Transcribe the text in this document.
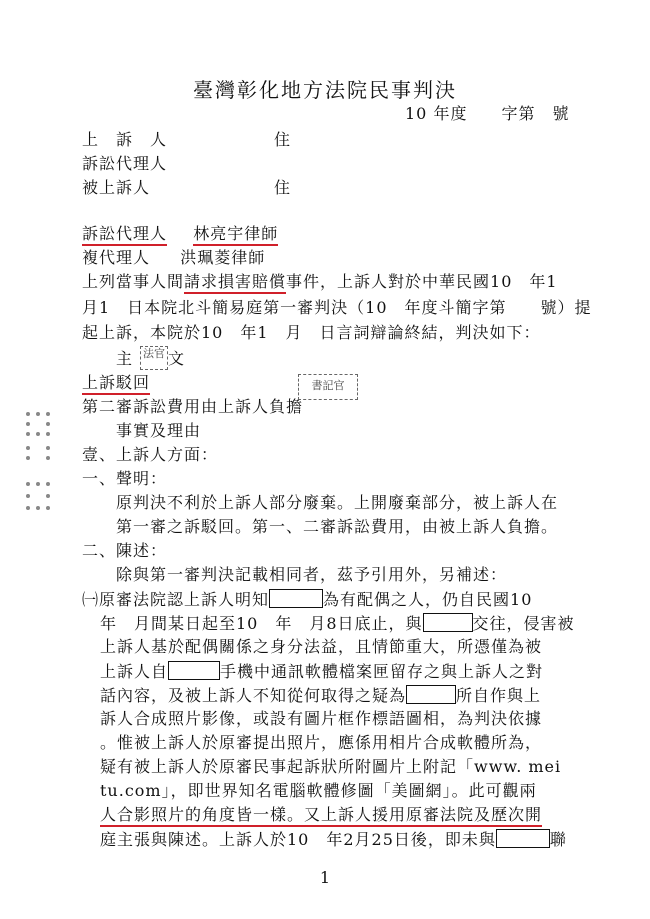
臺灣彰化地方法院民事判決
10 年度　　字第　號
上　訴　人	住
訴訟代理人
被上訴人	住
訴訟代理人 林亮宇律師
複代理人 洪珮菱律師
上列當事人間請求損害賠償事件，上訴人對於中華民國10　年1
月1　日本院北斗簡易庭第一審判決（10　年度斗簡字第　　號）提
起上訴，本院於10　年1　月　日言詞辯論終結，判決如下：
主 法官 文
上訴駁回	書記官
第二審訴訟費用由上訴人負擔
事實及理由
壹、上訴人方面：
一、聲明：
原判決不利於上訴人部分廢棄。上開廢棄部分，被上訴人在
第一審之訴駁回。第一、二審訴訟費用，由被上訴人負擔。
二、陳述：
除與第一審判決記載相同者，茲予引用外，另補述：
㈠原審法院認上訴人明知	為有配偶之人，仍自民國10
年　月間某日起至10　年　月8日底止，與	交往，侵害被
上訴人基於配偶關係之身分法益，且情節重大，所憑僅為被
上訴人自	手機中通訊軟體檔案匣留存之與上訴人之對
話內容，及被上訴人不知從何取得之疑為	所自作與上
訴人合成照片影像，或設有圖片框作標語圖相，為判決依據
。惟被上訴人於原審提出照片，應係用相片合成軟體所為，
疑有被上訴人於原審民事起訴狀所附圖片上附記「www. mei
tu.com」，即世界知名電腦軟體修圖「美圖網」。此可觀兩
人合影照片的角度皆一樣。又上訴人援用原審法院及歷次開
庭主張與陳述。上訴人於10　年2月25日後，即未與	聯
1
